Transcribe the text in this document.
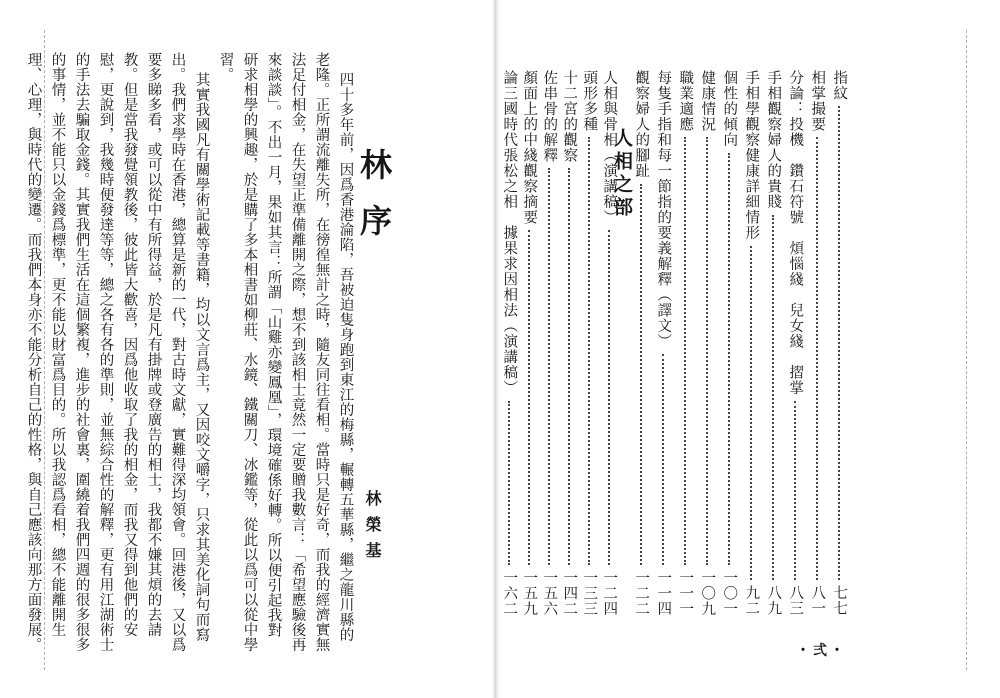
林序
林榮基
四十多年前，因爲香港淪陷，吾被迫隻身跑到東江的梅縣，輾轉五華縣，繼之龍川縣的
老隆。正所謂流離失所，在徬徨無計之時，隨友同往看相。當時只是好奇，而我的經濟實無
法足付相金，在失望正準備離開之際，想不到該相士竟然一定要贈我數言：「希望應驗後再
來談談」。不出一月，果如其言：所謂「山雞亦變鳳凰」，環境確係好轉。所以便引起我對
研求相學的興趣，於是購了多本相書如柳莊、水鏡、鐵關刀、冰鑑等，從此以爲可以從中學
習。
其實我國凡有關學術記載等書籍，均以文言爲主，又因咬文嚼字，只求其美化詞句而寫
出。我們求學時在香港，總算是新的一代，對古時文獻，實難得深均領會。回港後，又以爲
要多睇多看，或可以從中有所得益，於是凡有掛牌或登廣告的相士，我都不嫌其煩的去請
教。但是當我發覺領教後，彼此皆大歡喜，因爲他收取了我的相金，而我又得到他們的安
慰，更說到，我幾時便發達等等，總之各有各的準則，並無綜合性的解釋，更有用江湖術士
的手法去騙取金錢。其實我們生活在這個繁複，進步的社會裏，圍繞着我們四週的很多很多
的事情，並不能只以金錢爲標準，更不能以財富爲目的。所以我認爲看相，總不能離開生
理、心理，與時代的變遷。而我們本身亦不能分析自己的性格，與自己應該向那方面發展。	指紋
七七
相掌撮要
八一
分論：投機　鑽石符號　煩惱綫　兒女綫　摺掌
八三
手相觀察婦人的貴賤
八九
手相學觀察健康詳細情形
九二
個性的傾向
一〇一
健康情況
一〇九
職業適應
一一一
每隻手指和每一節指的要義解釋（譯文）
一一四
觀察婦人的腳趾
一二二
人相之部
人相與骨相（演講稿）
一二四
頭形多種
一三三
十二宮的觀察
一四二
佐串骨的解釋
一五六
顏面上的中綫觀察摘要
一五九
・弍・
論三國時代張松之相　據果求因相法（演講稿）
一六二
